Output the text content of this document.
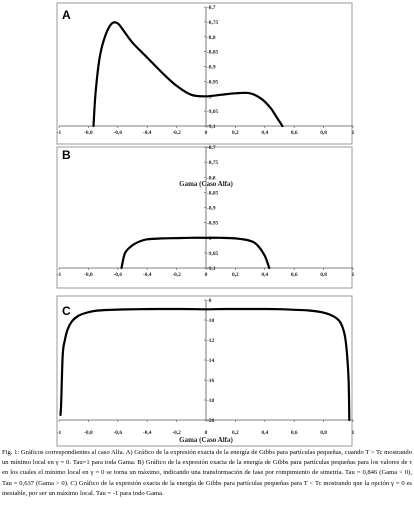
-8,7
-8,75
-8,8
-8,85
-8,9
-8,95
-9
-9,05
-9,1
-1	-0,8	-0,6	-0,4	-0,2	0	0,2	0,4	0,6	0,8	1
A
-8,7
-8,75
-8,8
-8,85
-8,9
-8,95
-9
-9,05
-9,1
-1	-0,8	-0,6	-0,4	-0,2	0	0,2	0,4	0,6	0,8	1
Gama (Caso Alfa)
B
-8
-10
-12
-14
-16
-18
-20
-1	-0,8	-0,6	-0,4	-0,2	0	0,2	0,4	0,6	0,8	1
Gama (Caso Alfa)
C

Fig. 1: Gráficos correspondientes al caso Alfa. A) Gráfico de la expresión exacta de la energía de Gibbs para partículas pequeñas, cuando T > Tc mostrando un mínimo local en γ = 0. Tau=1 para toda Gama. B) Gráfico de la expresión exacta de la energía de Gibbs para partículas pequeñas para los valores de τ en los cuales el mínimo local en γ = 0 se torna un máximo, indicando una transformación de fase por rompimiento de simetría. Tau = 0,846 (Gama < 0), Tau = 0,637 (Gama > 0). C) Gráfico de la expresión exacta de la energía de Gibbs para partículas pequeñas para T < Tc mostrando que la opción γ = 0 es inestable, por ser un máximo local. Tau = -1 para todo Gama.
